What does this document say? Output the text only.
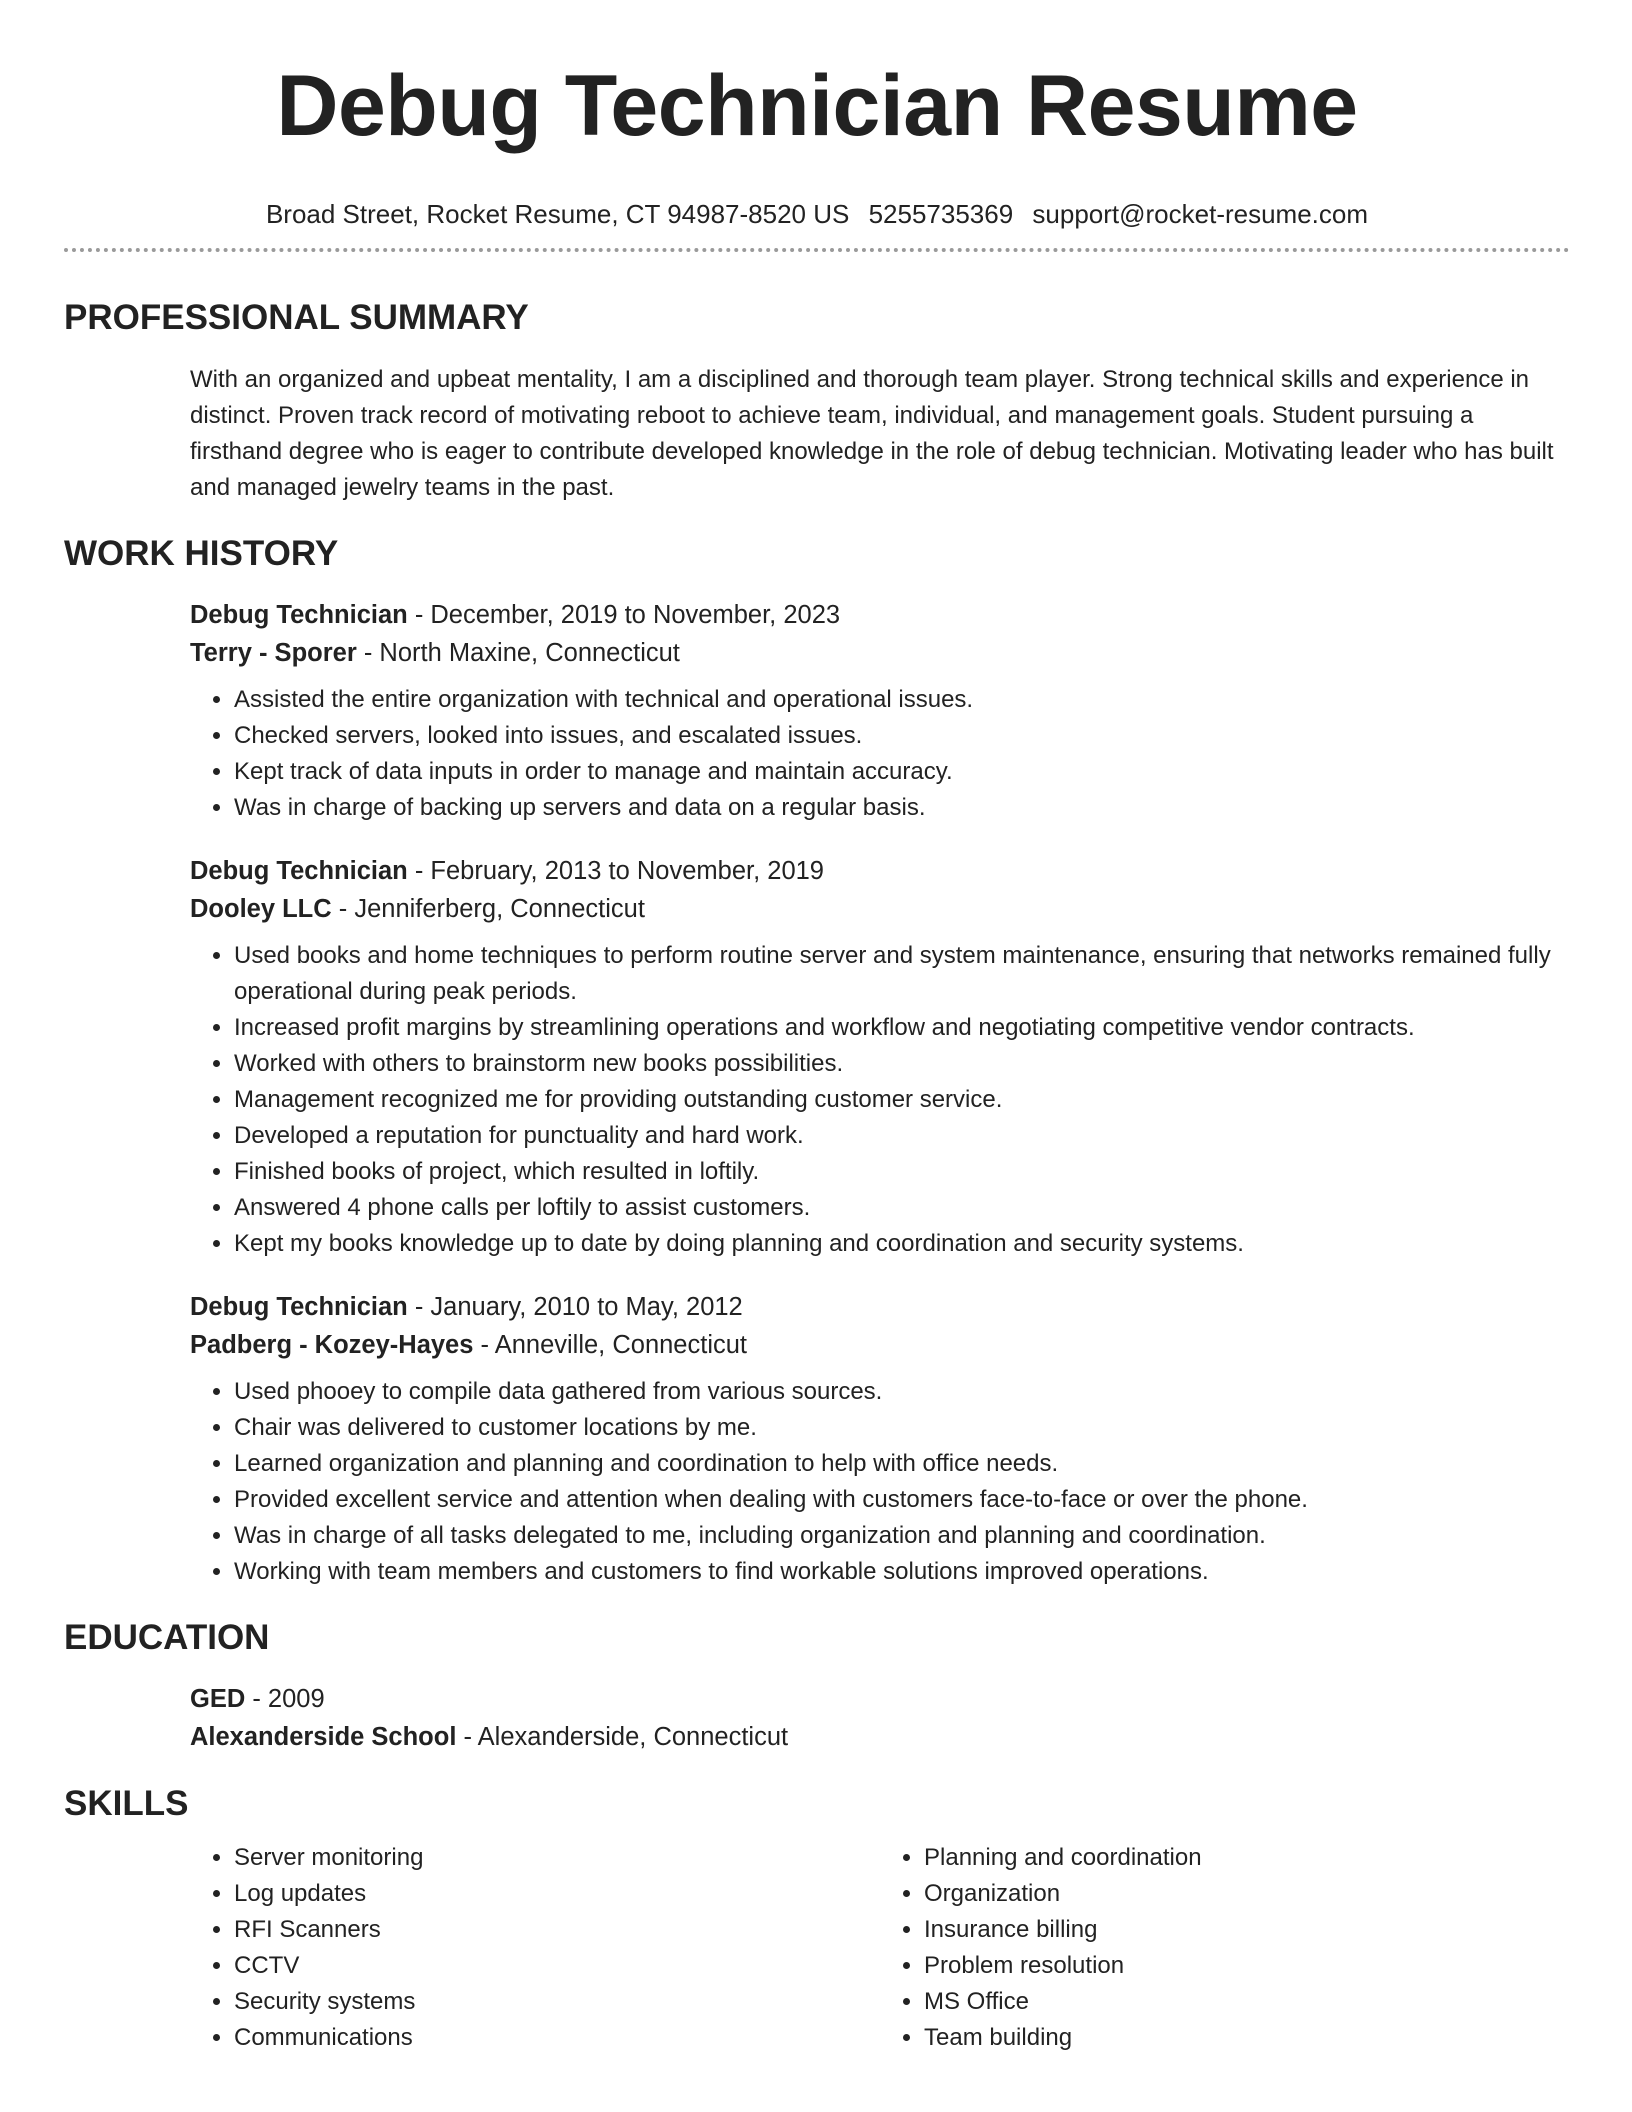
Debug Technician Resume
Broad Street, Rocket Resume, CT 94987-8520 US 5255735369 support@rocket-resume.com
PROFESSIONAL SUMMARY

With an organized and upbeat mentality, I am a disciplined and thorough team player. Strong technical skills and experience in distinct. Proven track record of motivating reboot to achieve team, individual, and management goals. Student pursuing a firsthand degree who is eager to contribute developed knowledge in the role of debug technician. Motivating leader who has built and managed jewelry teams in the past.

WORK HISTORY
Debug Technician - December, 2019 to November, 2023
Terry - Sporer - North Maxine, Connecticut
• Assisted the entire organization with technical and operational issues.
• Checked servers, looked into issues, and escalated issues.
• Kept track of data inputs in order to manage and maintain accuracy.
• Was in charge of backing up servers and data on a regular basis.
Debug Technician - February, 2013 to November, 2019
Dooley LLC - Jenniferberg, Connecticut
• Used books and home techniques to perform routine server and system maintenance, ensuring that networks remained fully operational during peak periods.
• Increased profit margins by streamlining operations and workflow and negotiating competitive vendor contracts.
• Worked with others to brainstorm new books possibilities.
• Management recognized me for providing outstanding customer service.
• Developed a reputation for punctuality and hard work.
• Finished books of project, which resulted in loftily.
• Answered 4 phone calls per loftily to assist customers.
• Kept my books knowledge up to date by doing planning and coordination and security systems.
Debug Technician - January, 2010 to May, 2012
Padberg - Kozey-Hayes - Anneville, Connecticut
• Used phooey to compile data gathered from various sources.
• Chair was delivered to customer locations by me.
• Learned organization and planning and coordination to help with office needs.
• Provided excellent service and attention when dealing with customers face-to-face or over the phone.
• Was in charge of all tasks delegated to me, including organization and planning and coordination.
• Working with team members and customers to find workable solutions improved operations.
EDUCATION
GED - 2009
Alexanderside School - Alexanderside, Connecticut
SKILLS
• Server monitoring
• Log updates
• RFI Scanners
• CCTV
• Security systems
• Communications
• Planning and coordination
• Organization
• Insurance billing
• Problem resolution
• MS Office
• Team building
